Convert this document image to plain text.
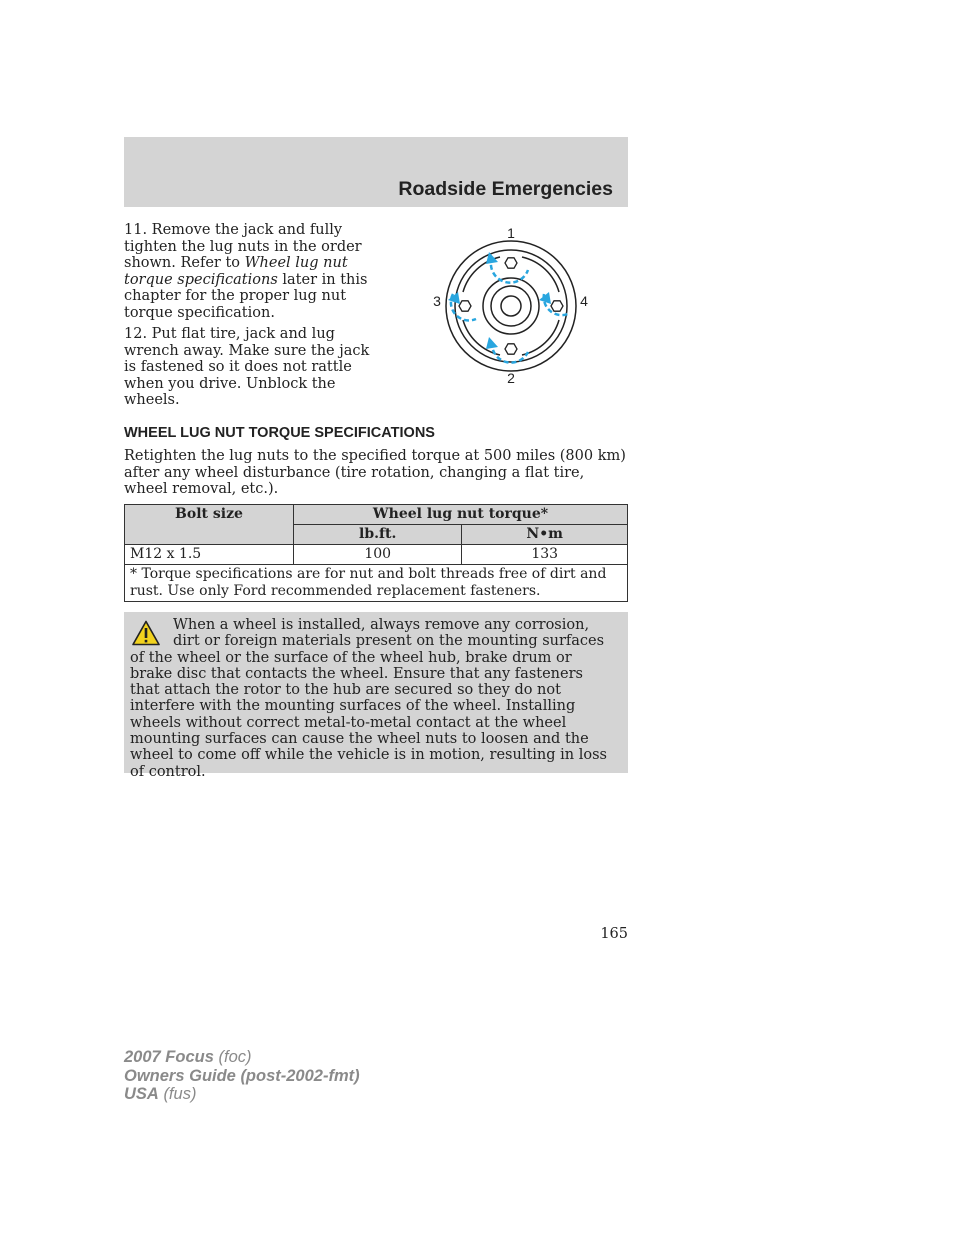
Roadside Emergencies

11. Remove the jack and fully tighten the lug nuts in the order shown. Refer to Wheel lug nut torque specifications later in this chapter for the proper lug nut torque specification.

12. Put flat tire, jack and lug wrench away. Make sure the jack is fastened so it does not rattle when you drive. Unblock the wheels.

1
2
3	4
WHEEL LUG NUT TORQUE SPECIFICATIONS

Retighten the lug nuts to the specified torque at 500 miles (800 km) after any wheel disturbance (tire rotation, changing a flat tire, wheel removal, etc.).

Bolt size	Wheel lug nut torque*	
	lb.ft.	N•m
M12 x 1.5	100	133
* Torque specifications are for nut and bolt threads free of dirt and rust. Use only Ford recommended replacement fasteners.		

When a wheel is installed, always remove any corrosion, dirt or foreign materials present on the mounting surfaces of the wheel or the surface of the wheel hub, brake drum or brake disc that contacts the wheel. Ensure that any fasteners that attach the rotor to the hub are secured so they do not interfere with the mounting surfaces of the wheel. Installing wheels without correct metal-to-metal contact at the wheel mounting surfaces can cause the wheel nuts to loosen and the wheel to come off while the vehicle is in motion, resulting in loss of control.

165
2007 Focus (foc)
Owners Guide (post-2002-fmt)
USA (fus)
